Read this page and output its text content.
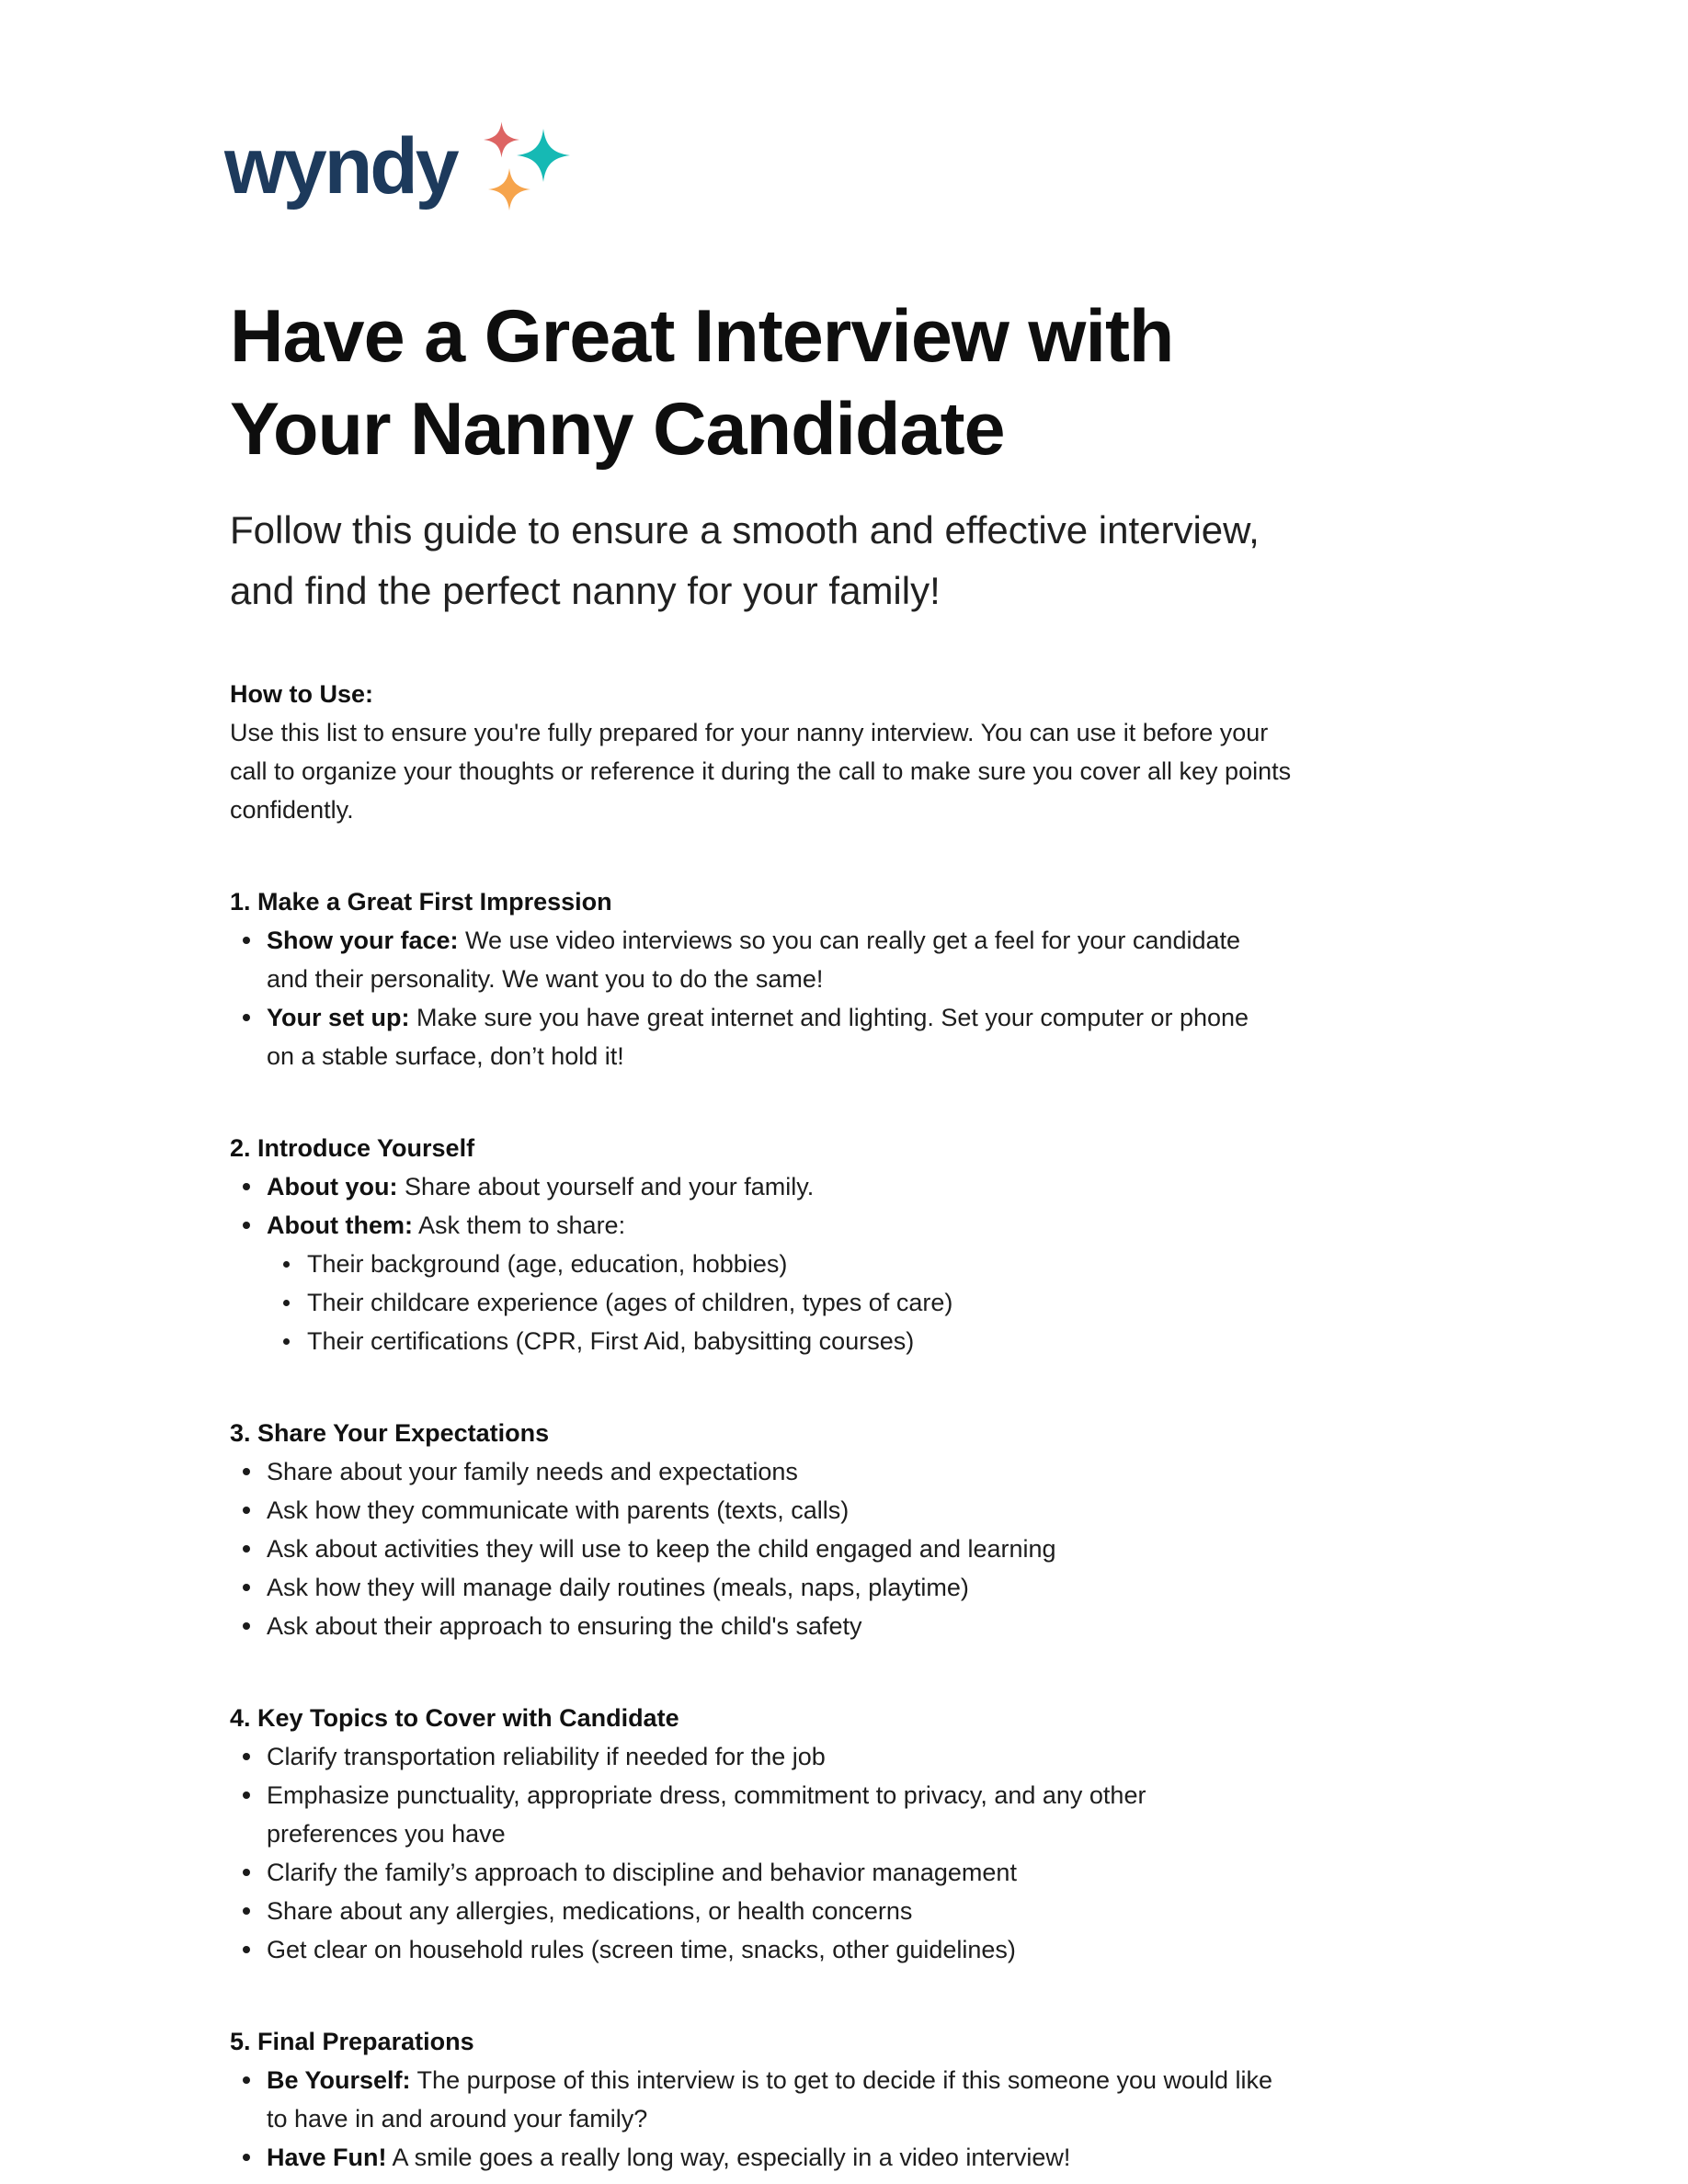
wyndy
Have a Great Interview with
Your Nanny Candidate
Follow this guide to ensure a smooth and effective interview, and find the perfect nanny for your family!
How to Use:
Use this list to ensure you're fully prepared for your nanny interview. You can use it before your call to organize your thoughts or reference it during the call to make sure you cover all key points confidently.
1. Make a Great First Impression
Show your face: We use video interviews so you can really get a feel for your candidate and their personality. We want you to do the same!
Your set up: Make sure you have great internet and lighting. Set your computer or phone on a stable surface, don’t hold it!
2. Introduce Yourself
About you: Share about yourself and your family.
About them: Ask them to share:
Their background (age, education, hobbies)
Their childcare experience (ages of children, types of care)
Their certifications (CPR, First Aid, babysitting courses)
3. Share Your Expectations
Share about your family needs and expectations
Ask how they communicate with parents (texts, calls)
Ask about activities they will use to keep the child engaged and learning
Ask how they will manage daily routines (meals, naps, playtime)
Ask about their approach to ensuring the child's safety
4. Key Topics to Cover with Candidate
Clarify transportation reliability if needed for the job
Emphasize punctuality, appropriate dress, commitment to privacy, and any other preferences you have
Clarify the family’s approach to discipline and behavior management
Share about any allergies, medications, or health concerns
Get clear on household rules (screen time, snacks, other guidelines)
5. Final Preparations
Be Yourself: The purpose of this interview is to get to decide if this someone you would like to have in and around your family?
Have Fun! A smile goes a really long way, especially in a video interview!
